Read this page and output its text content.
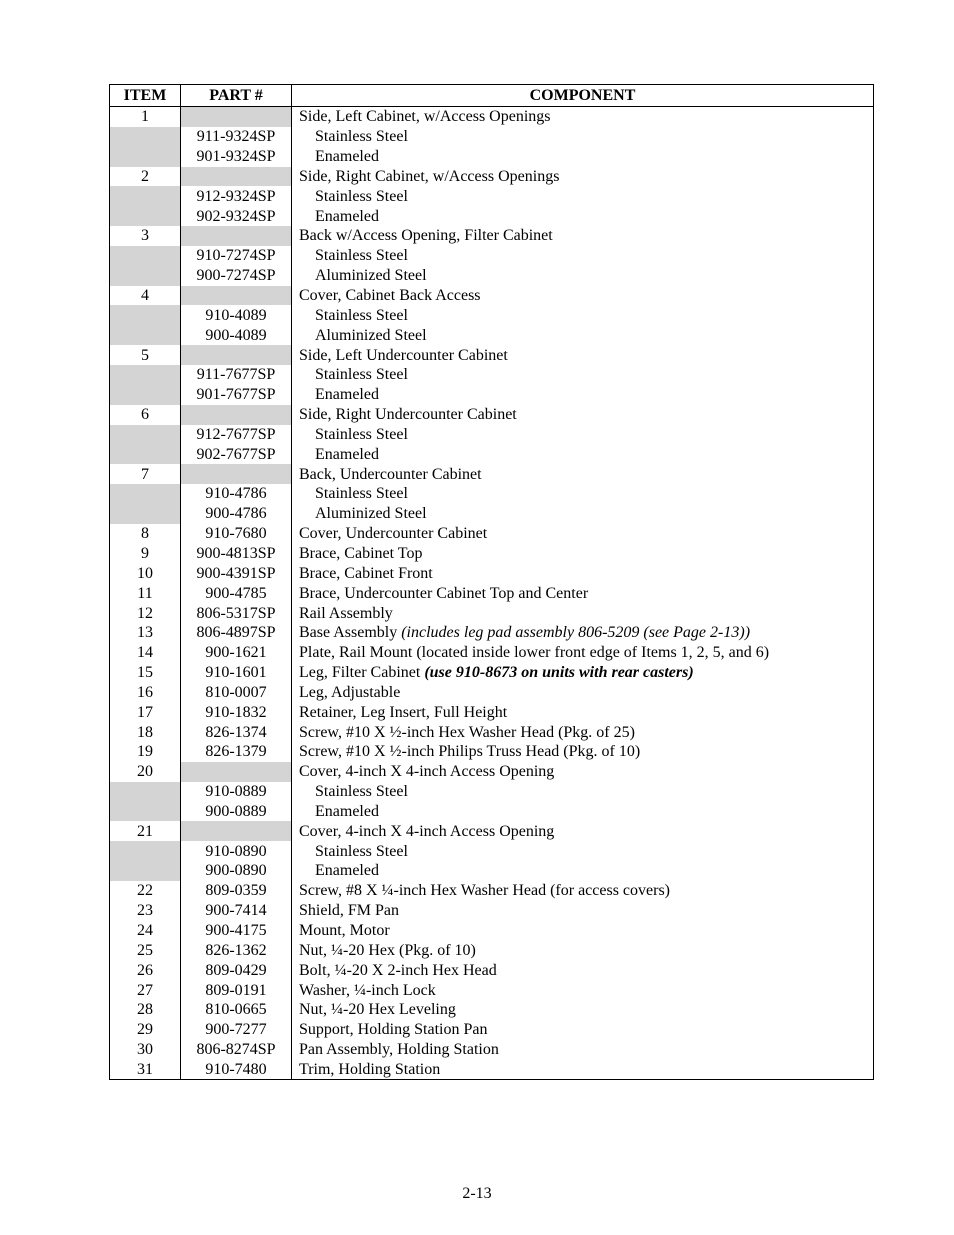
ITEM	PART #	COMPONENT
1		Side, Left Cabinet, w/Access Openings
	911-9324SP	Stainless Steel
	901-9324SP	Enameled
2		Side, Right Cabinet, w/Access Openings
	912-9324SP	Stainless Steel
	902-9324SP	Enameled
3		Back w/Access Opening, Filter Cabinet
	910-7274SP	Stainless Steel
	900-7274SP	Aluminized Steel
4		Cover, Cabinet Back Access
	910-4089	Stainless Steel
	900-4089	Aluminized Steel
5		Side, Left Undercounter Cabinet
	911-7677SP	Stainless Steel
	901-7677SP	Enameled
6		Side, Right Undercounter Cabinet
	912-7677SP	Stainless Steel
	902-7677SP	Enameled
7		Back, Undercounter Cabinet
	910-4786	Stainless Steel
	900-4786	Aluminized Steel
8	910-7680	Cover, Undercounter Cabinet
9	900-4813SP	Brace, Cabinet Top
10	900-4391SP	Brace, Cabinet Front
11	900-4785	Brace, Undercounter Cabinet Top and Center
12	806-5317SP	Rail Assembly
13	806-4897SP	Base Assembly (includes leg pad assembly 806-5209 (see Page 2-13))
14	900-1621	Plate, Rail Mount (located inside lower front edge of Items 1, 2, 5, and 6)
15	910-1601	Leg, Filter Cabinet (use 910-8673 on units with rear casters)
16	810-0007	Leg, Adjustable
17	910-1832	Retainer, Leg Insert, Full Height
18	826-1374	Screw, #10 X ½-inch Hex Washer Head (Pkg. of 25)
19	826-1379	Screw, #10 X ½-inch Philips Truss Head (Pkg. of 10)
20		Cover, 4-inch X 4-inch Access Opening
	910-0889	Stainless Steel
	900-0889	Enameled
21		Cover, 4-inch X 4-inch Access Opening
	910-0890	Stainless Steel
	900-0890	Enameled
22	809-0359	Screw, #8 X ¼-inch Hex Washer Head (for access covers)
23	900-7414	Shield, FM Pan
24	900-4175	Mount, Motor
25	826-1362	Nut, ¼-20 Hex (Pkg. of 10)
26	809-0429	Bolt, ¼-20 X 2-inch Hex Head
27	809-0191	Washer, ¼-inch Lock
28	810-0665	Nut, ¼-20 Hex Leveling
29	900-7277	Support, Holding Station Pan
30	806-8274SP	Pan Assembly, Holding Station
31	910-7480	Trim, Holding Station
2-13
